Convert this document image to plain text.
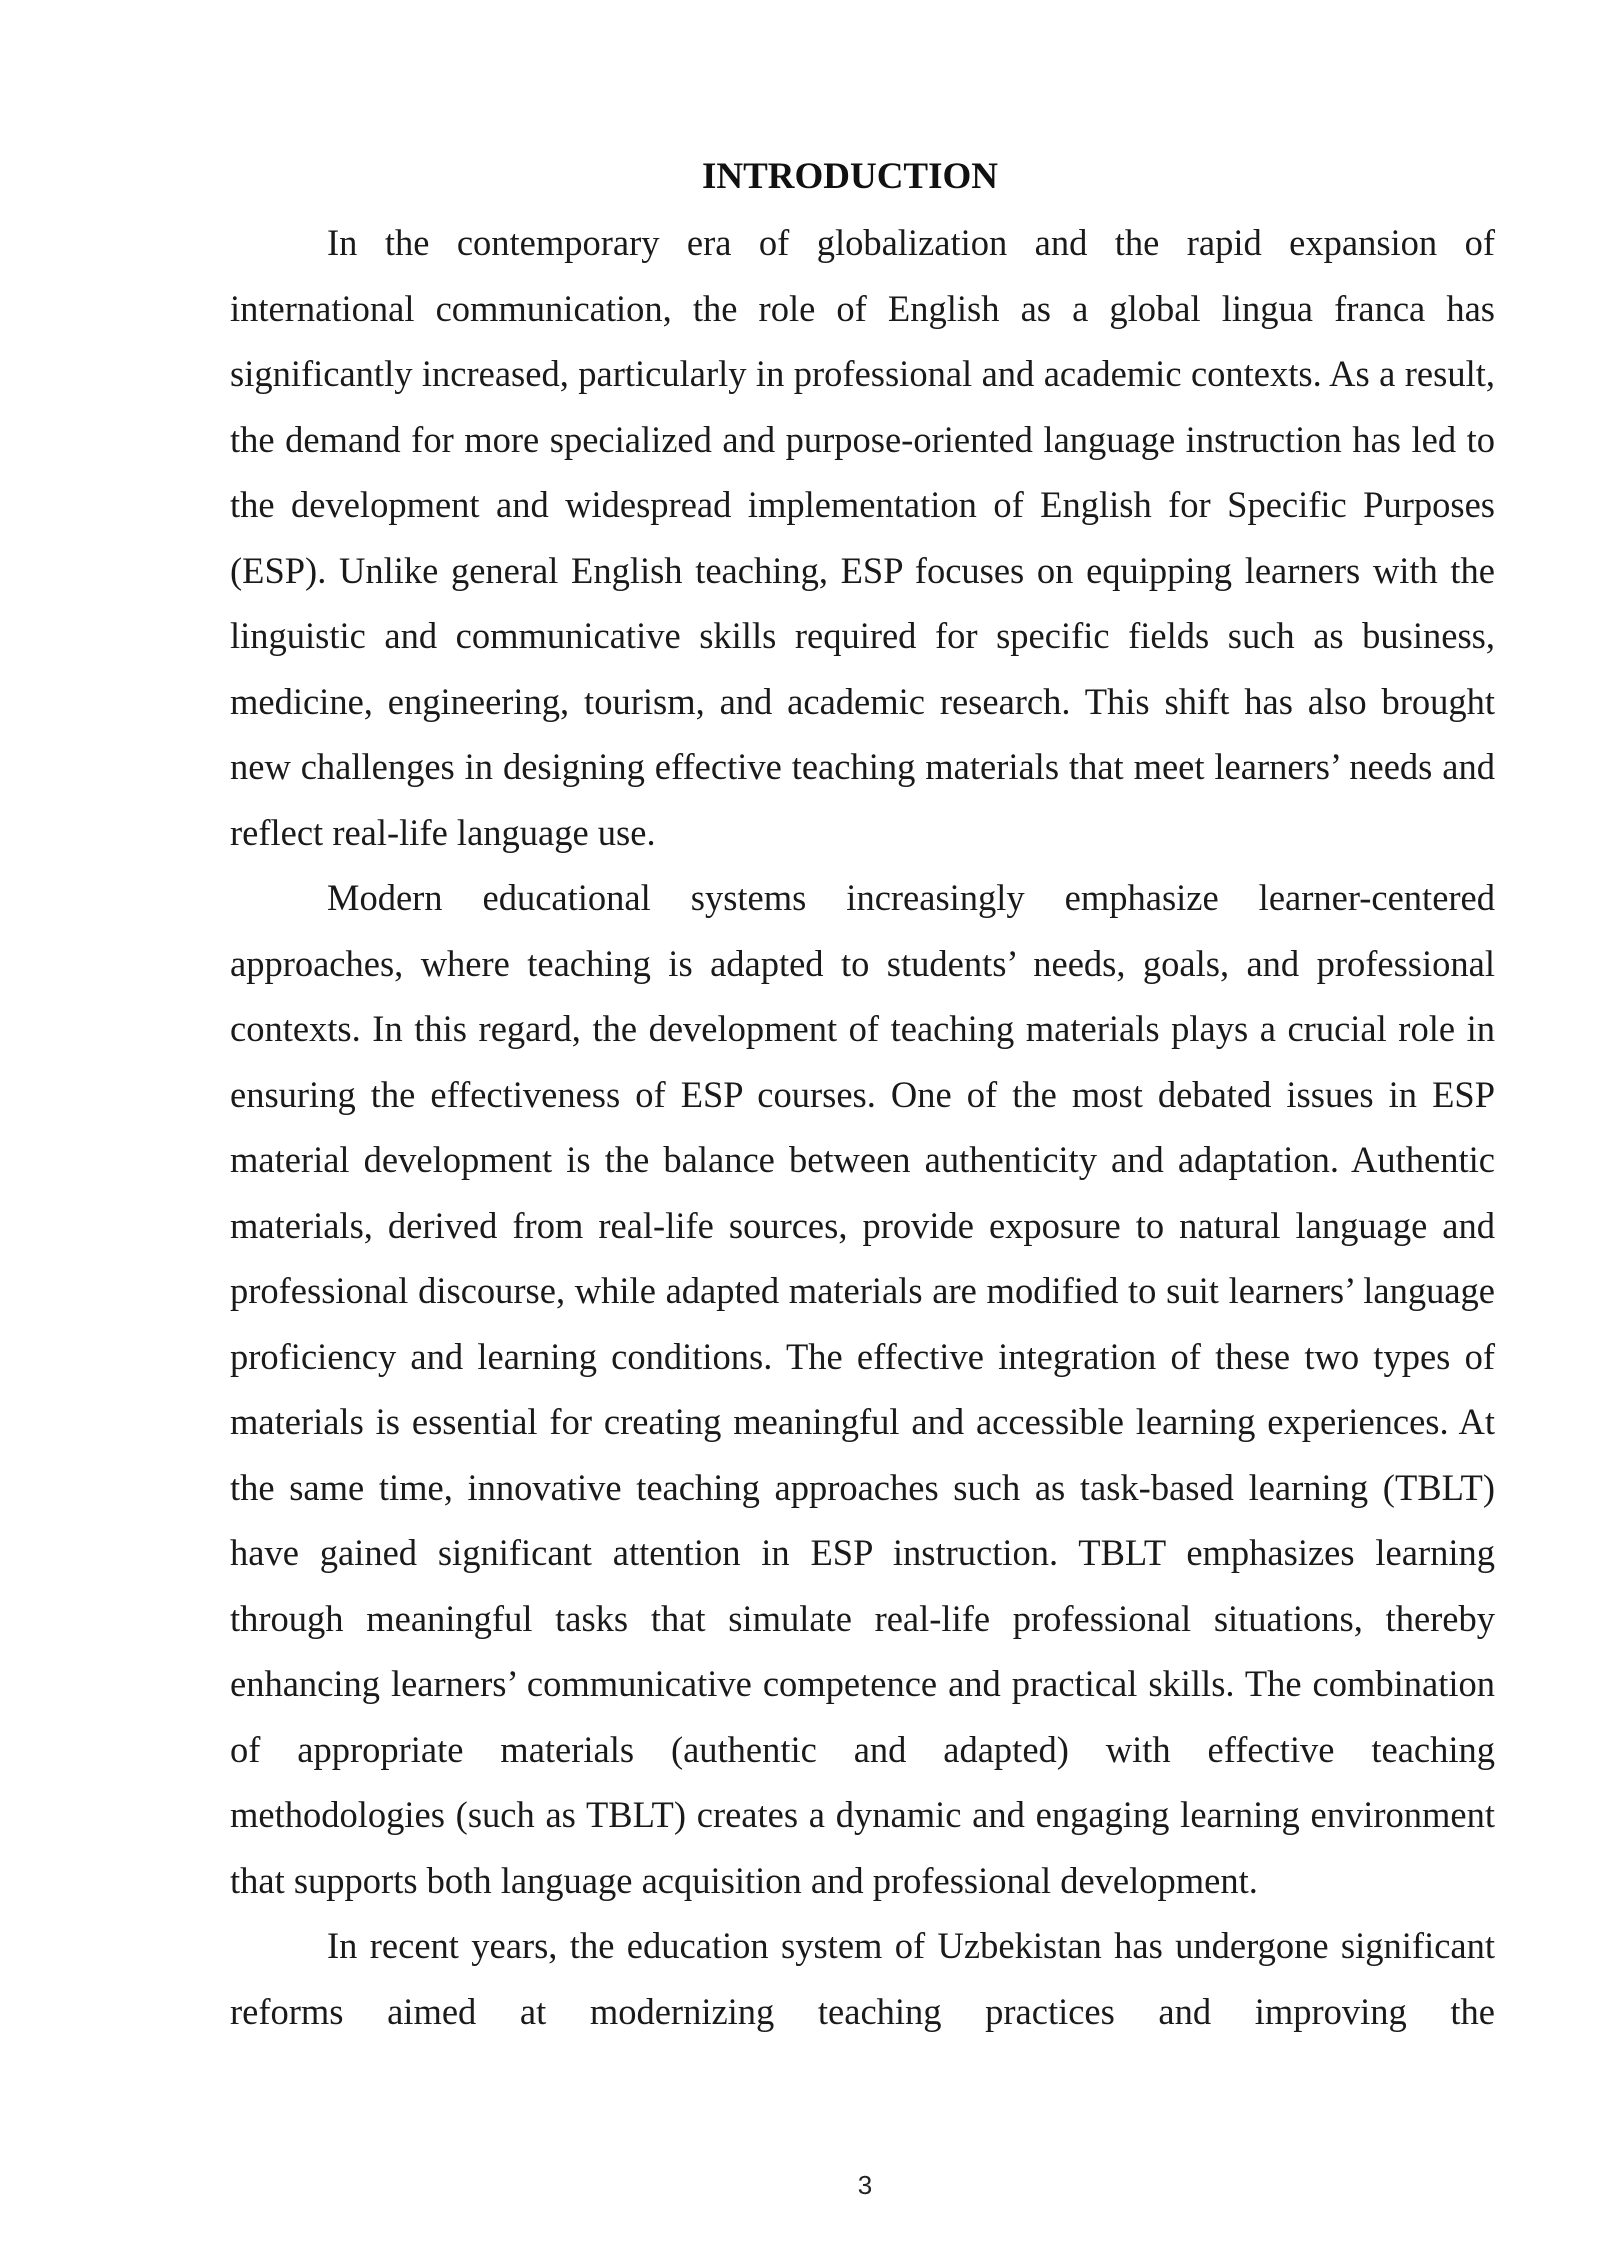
INTRODUCTION

In the contemporary era of globalization and the rapid expansion of international communication, the role of English as a global lingua franca has significantly increased, particularly in professional and academic contexts. As a result, the demand for more specialized and purpose-oriented language instruction has led to the development and widespread implementation of English for Specific Purposes (ESP). Unlike general English teaching, ESP focuses on equipping learners with the linguistic and communicative skills required for specific fields such as business, medicine, engineering, tourism, and academic research. This shift has also brought new challenges in designing effective teaching materials that meet learners’ needs and reflect real-life language use.

Modern educational systems increasingly emphasize learner-centered approaches, where teaching is adapted to students’ needs, goals, and professional contexts. In this regard, the development of teaching materials plays a crucial role in ensuring the effectiveness of ESP courses. One of the most debated issues in ESP material development is the balance between authenticity and adaptation. Authentic materials, derived from real-life sources, provide exposure to natural language and professional discourse, while adapted materials are modified to suit learners’ language proficiency and learning conditions. The effective integration of these two types of materials is essential for creating meaningful and accessible learning experiences. At the same time, innovative teaching approaches such as task-based learning (TBLT) have gained significant attention in ESP instruction. TBLT emphasizes learning through meaningful tasks that simulate real-life professional situations, thereby enhancing learners’ communicative competence and practical skills. The combination of appropriate materials (authentic and adapted) with effective teaching methodologies (such as TBLT) creates a dynamic and engaging learning environment that supports both language acquisition and professional development.

In recent years, the education system of Uzbekistan has undergone significant reforms aimed at modernizing teaching practices and improving the

3
